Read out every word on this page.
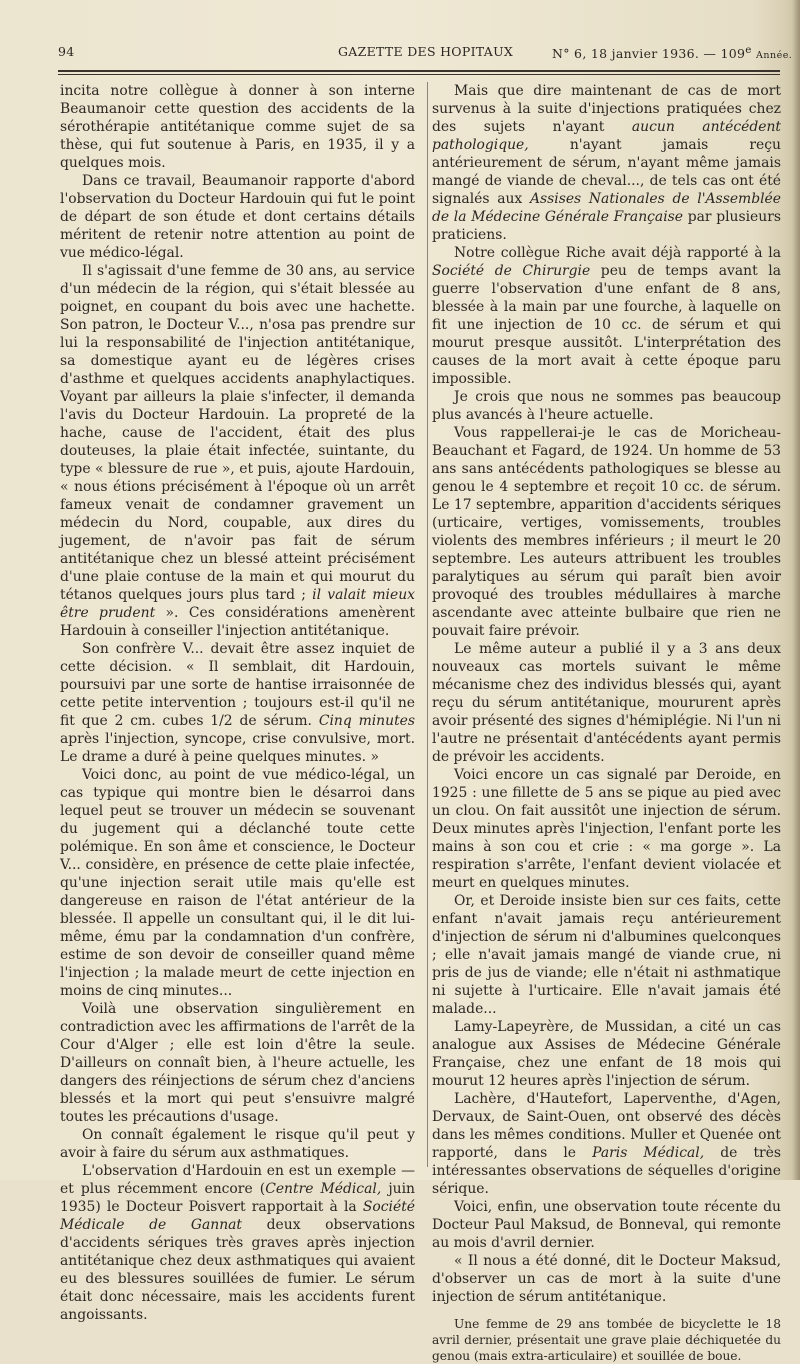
94	GAZETTE DES HOPITAUX	N° 6, 18 janvier 1936. — 109e Année.

incita notre collègue à donner à son interne Beaumanoir cette question des accidents de la sérothérapie antitétanique comme sujet de sa thèse, qui fut soutenue à Paris, en 1935, il y a quelques mois.

Dans ce travail, Beaumanoir rapporte d'abord l'observation du Docteur Hardouin qui fut le point de départ de son étude et dont certains détails méritent de retenir notre attention au point de vue médico-légal.

Il s'agissait d'une femme de 30 ans, au service d'un médecin de la région, qui s'était blessée au poignet, en coupant du bois avec une hachette. Son patron, le Docteur V..., n'osa pas prendre sur lui la responsabilité de l'injection antitétanique, sa domestique ayant eu de légères crises d'asthme et quelques accidents anaphylactiques. Voyant par ailleurs la plaie s'infecter, il demanda l'avis du Docteur Hardouin. La propreté de la hache, cause de l'accident, était des plus douteuses, la plaie était infectée, suintante, du type « blessure de rue », et puis, ajoute Hardouin, « nous étions précisément à l'époque où un arrêt fameux venait de condamner gravement un médecin du Nord, coupable, aux dires du jugement, de n'avoir pas fait de sérum antitétanique chez un blessé atteint précisément d'une plaie contuse de la main et qui mourut du tétanos quelques jours plus tard ; il valait mieux être prudent ». Ces considérations amenèrent Hardouin à conseiller l'injection antitétanique.

Son confrère V... devait être assez inquiet de cette décision. « Il semblait, dit Hardouin, poursuivi par une sorte de hantise irraisonnée de cette petite intervention ; toujours est-il qu'il ne fit que 2 cm. cubes 1/2 de sérum. Cinq minutes après l'injection, syncope, crise convulsive, mort. Le drame a duré à peine quelques minutes. »

Voici donc, au point de vue médico-légal, un cas typique qui montre bien le désarroi dans lequel peut se trouver un médecin se souvenant du jugement qui a déclanché toute cette polémique. En son âme et conscience, le Docteur V... considère, en présence de cette plaie infectée, qu'une injection serait utile mais qu'elle est dangereuse en raison de l'état antérieur de la blessée. Il appelle un consultant qui, il le dit lui-même, ému par la condamnation d'un confrère, estime de son devoir de conseiller quand même l'injection ; la malade meurt de cette injection en moins de cinq minutes...

Voilà une observation singulièrement en contradiction avec les affirmations de l'arrêt de la Cour d'Alger ; elle est loin d'être la seule. D'ailleurs on connaît bien, à l'heure actuelle, les dangers des réinjections de sérum chez d'anciens blessés et la mort qui peut s'ensuivre malgré toutes les précautions d'usage.

On connaît également le risque qu'il peut y avoir à faire du sérum aux asthmatiques.

L'observation d'Hardouin en est un exemple — et plus récemment encore (Centre Médical, juin 1935) le Docteur Poisvert rapportait à la Société Médicale de Gannat deux observations d'accidents sériques très graves après injection antitétanique chez deux asthmatiques qui avaient eu des blessures souillées de fumier. Le sérum était donc nécessaire, mais les accidents furent angoissants.

Mais que dire maintenant de cas de mort survenus à la suite d'injections pratiquées chez des sujets n'ayant aucun antécédent pathologique, n'ayant jamais reçu antérieurement de sérum, n'ayant même jamais mangé de viande de cheval..., de tels cas ont été signalés aux Assises Nationales de l'Assemblée de la Médecine Générale Française par plusieurs praticiens.

Notre collègue Riche avait déjà rapporté à la Société de Chirurgie peu de temps avant la guerre l'observation d'une enfant de 8 ans, blessée à la main par une fourche, à laquelle on fit une injection de 10 cc. de sérum et qui mourut presque aussitôt. L'interprétation des causes de la mort avait à cette époque paru impossible.

Je crois que nous ne sommes pas beaucoup plus avancés à l'heure actuelle.

Vous rappellerai-je le cas de Moricheau-Beauchant et Fagard, de 1924. Un homme de 53 ans sans antécédents pathologiques se blesse au genou le 4 septembre et reçoit 10 cc. de sérum. Le 17 septembre, apparition d'accidents sériques (urticaire, vertiges, vomissements, troubles violents des membres inférieurs ; il meurt le 20 septembre. Les auteurs attribuent les troubles paralytiques au sérum qui paraît bien avoir provoqué des troubles médullaires à marche ascendante avec atteinte bulbaire que rien ne pouvait faire prévoir.

Le même auteur a publié il y a 3 ans deux nouveaux cas mortels suivant le même mécanisme chez des individus blessés qui, ayant reçu du sérum antitétanique, moururent après avoir présenté des signes d'hémiplégie. Ni l'un ni l'autre ne présentait d'antécédents ayant permis de prévoir les accidents.

Voici encore un cas signalé par Deroide, en 1925 : une fillette de 5 ans se pique au pied avec un clou. On fait aussitôt une injection de sérum. Deux minutes après l'injection, l'enfant porte les mains à son cou et crie : « ma gorge ». La respiration s'arrête, l'enfant devient violacée et meurt en quelques minutes.

Or, et Deroide insiste bien sur ces faits, cette enfant n'avait jamais reçu antérieurement d'injection de sérum ni d'albumines quelconques ; elle n'avait jamais mangé de viande crue, ni pris de jus de viande; elle n'était ni asthmatique ni sujette à l'urticaire. Elle n'avait jamais été malade...

Lamy-Lapeyrère, de Mussidan, a cité un cas analogue aux Assises de Médecine Générale Française, chez une enfant de 18 mois qui mourut 12 heures après l'injection de sérum.

Lachère, d'Hautefort, Laperventhe, d'Agen, Dervaux, de Saint-Ouen, ont observé des décès dans les mêmes conditions. Muller et Quenée ont rapporté, dans le Paris Médical, de très intéressantes observations de séquelles d'origine sérique.

Voici, enfin, une observation toute récente du Docteur Paul Maksud, de Bonneval, qui remonte au mois d'avril dernier.

« Il nous a été donné, dit le Docteur Maksud, d'observer un cas de mort à la suite d'une injection de sérum antitétanique.

Une femme de 29 ans tombée de bicyclette le 18 avril dernier, présentait une grave plaie déchiquetée du genou (mais extra-articulaire) et souillée de boue.
